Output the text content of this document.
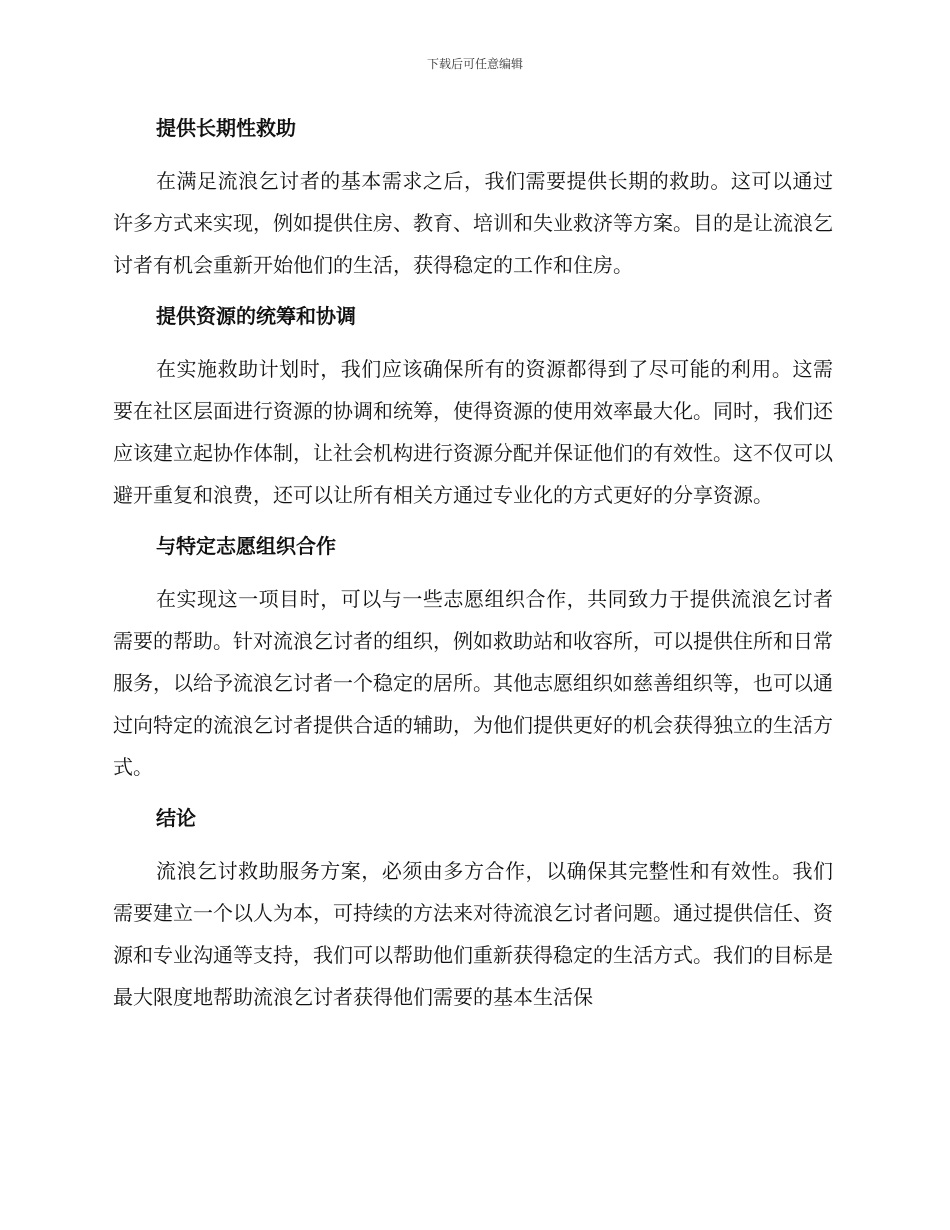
下载后可任意编辑
提供长期性救助

在满足流浪乞讨者的基本需求之后，我们需要提供长期的救助。这可以通过许多方式来实现，例如提供住房、教育、培训和失业救济等方案。目的是让流浪乞讨者有机会重新开始他们的生活，获得稳定的工作和住房。

提供资源的统筹和协调

在实施救助计划时，我们应该确保所有的资源都得到了尽可能的利用。这需要在社区层面进行资源的协调和统筹，使得资源的使用效率最大化。同时，我们还应该建立起协作体制，让社会机构进行资源分配并保证他们的有效性。这不仅可以避开重复和浪费，还可以让所有相关方通过专业化的方式更好的分享资源。

与特定志愿组织合作

在实现这一项目时，可以与一些志愿组织合作，共同致力于提供流浪乞讨者需要的帮助。针对流浪乞讨者的组织，例如救助站和收容所，可以提供住所和日常服务，以给予流浪乞讨者一个稳定的居所。其他志愿组织如慈善组织等，也可以通过向特定的流浪乞讨者提供合适的辅助，为他们提供更好的机会获得独立的生活方式。

结论

流浪乞讨救助服务方案，必须由多方合作，以确保其完整性和有效性。我们需要建立一个以人为本，可持续的方法来对待流浪乞讨者问题。通过提供信任、资源和专业沟通等支持，我们可以帮助他们重新获得稳定的生活方式。我们的目标是最大限度地帮助流浪乞讨者获得他们需要的基本生活保
